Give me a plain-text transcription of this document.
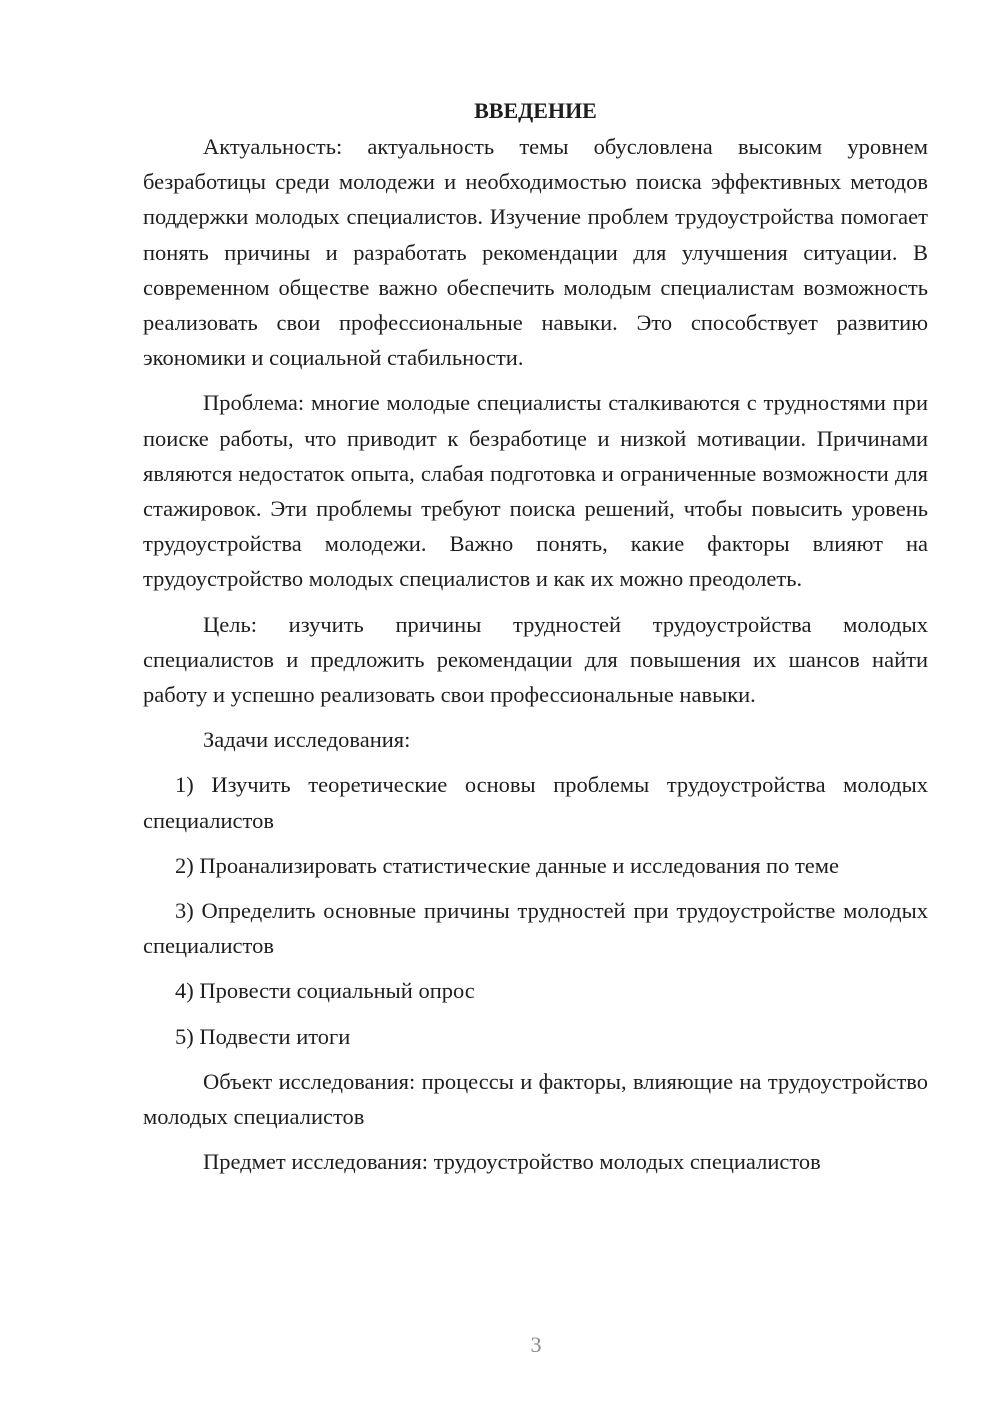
ВВЕДЕНИЕ

Актуальность: актуальность темы обусловлена высоким уровнем безработицы среди молодежи и необходимостью поиска эффективных методов поддержки молодых специалистов. Изучение проблем трудоустройства помогает понять причины и разработать рекомендации для улучшения ситуации. В современном обществе важно обеспечить молодым специалистам возможность реализовать свои профессиональные навыки. Это способствует развитию экономики и социальной стабильности.

Проблема: многие молодые специалисты сталкиваются с трудностями при поиске работы, что приводит к безработице и низкой мотивации. Причинами являются недостаток опыта, слабая подготовка и ограниченные возможности для стажировок. Эти проблемы требуют поиска решений, чтобы повысить уровень трудоустройства молодежи. Важно понять, какие факторы влияют на трудоустройство молодых специалистов и как их можно преодолеть.

Цель: изучить причины трудностей трудоустройства молодых специалистов и предложить рекомендации для повышения их шансов найти работу и успешно реализовать свои профессиональные навыки.

Задачи исследования:

1) Изучить теоретические основы проблемы трудоустройства молодых специалистов

2) Проанализировать статистические данные и исследования по теме

3) Определить основные причины трудностей при трудоустройстве молодых специалистов

4) Провести социальный опрос

5) Подвести итоги

Объект исследования: процессы и факторы, влияющие на трудоустройство молодых специалистов

Предмет исследования: трудоустройство молодых специалистов

3
